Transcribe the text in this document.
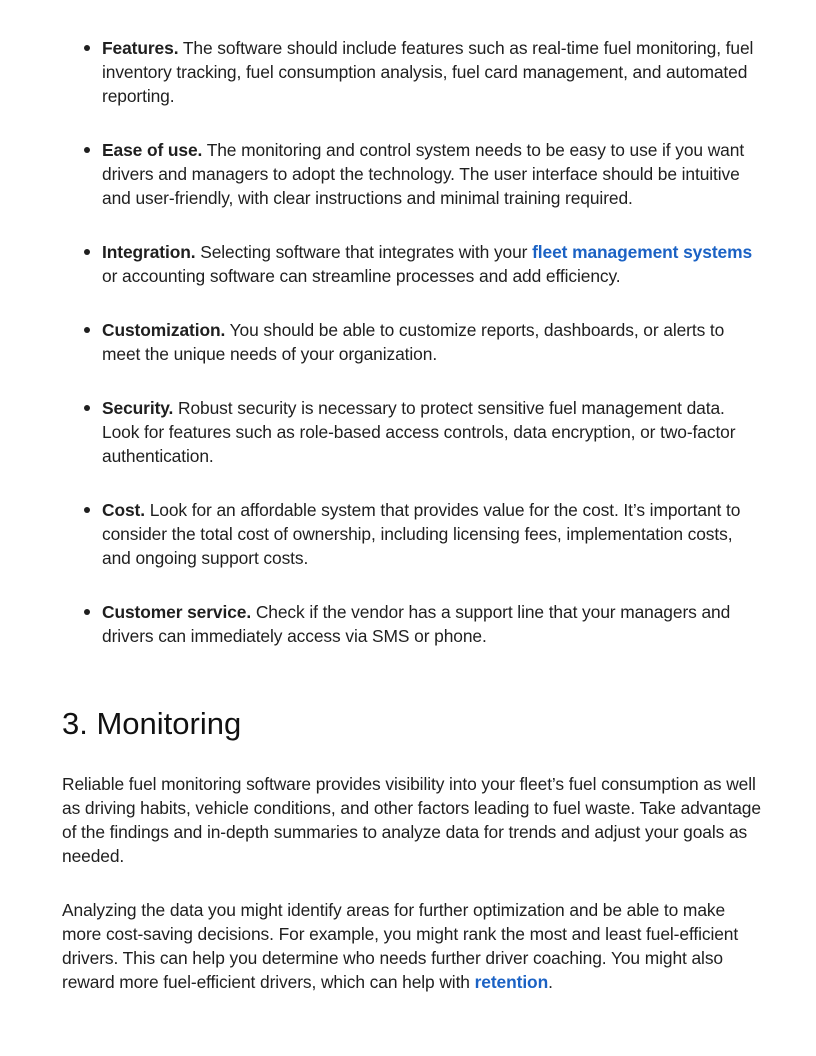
Features. The software should include features such as real-time fuel monitoring, fuel inventory tracking, fuel consumption analysis, fuel card management, and automated reporting.
Ease of use. The monitoring and control system needs to be easy to use if you want drivers and managers to adopt the technology. The user interface should be intuitive and user-friendly, with clear instructions and minimal training required.
Integration. Selecting software that integrates with your fleet management systems or accounting software can streamline processes and add efficiency.
Customization. You should be able to customize reports, dashboards, or alerts to meet the unique needs of your organization.
Security. Robust security is necessary to protect sensitive fuel management data. Look for features such as role-based access controls, data encryption, or two-factor authentication.
Cost. Look for an affordable system that provides value for the cost. It’s important to consider the total cost of ownership, including licensing fees, implementation costs, and ongoing support costs.
Customer service. Check if the vendor has a support line that your managers and drivers can immediately access via SMS or phone.
3. Monitoring

Reliable fuel monitoring software provides visibility into your fleet’s fuel consumption as well as driving habits, vehicle conditions, and other factors leading to fuel waste. Take advantage of the findings and in-depth summaries to analyze data for trends and adjust your goals as needed.

Analyzing the data you might identify areas for further optimization and be able to make more cost-saving decisions. For example, you might rank the most and least fuel-efficient drivers. This can help you determine who needs further driver coaching. You might also reward more fuel-efficient drivers, which can help with retention.
